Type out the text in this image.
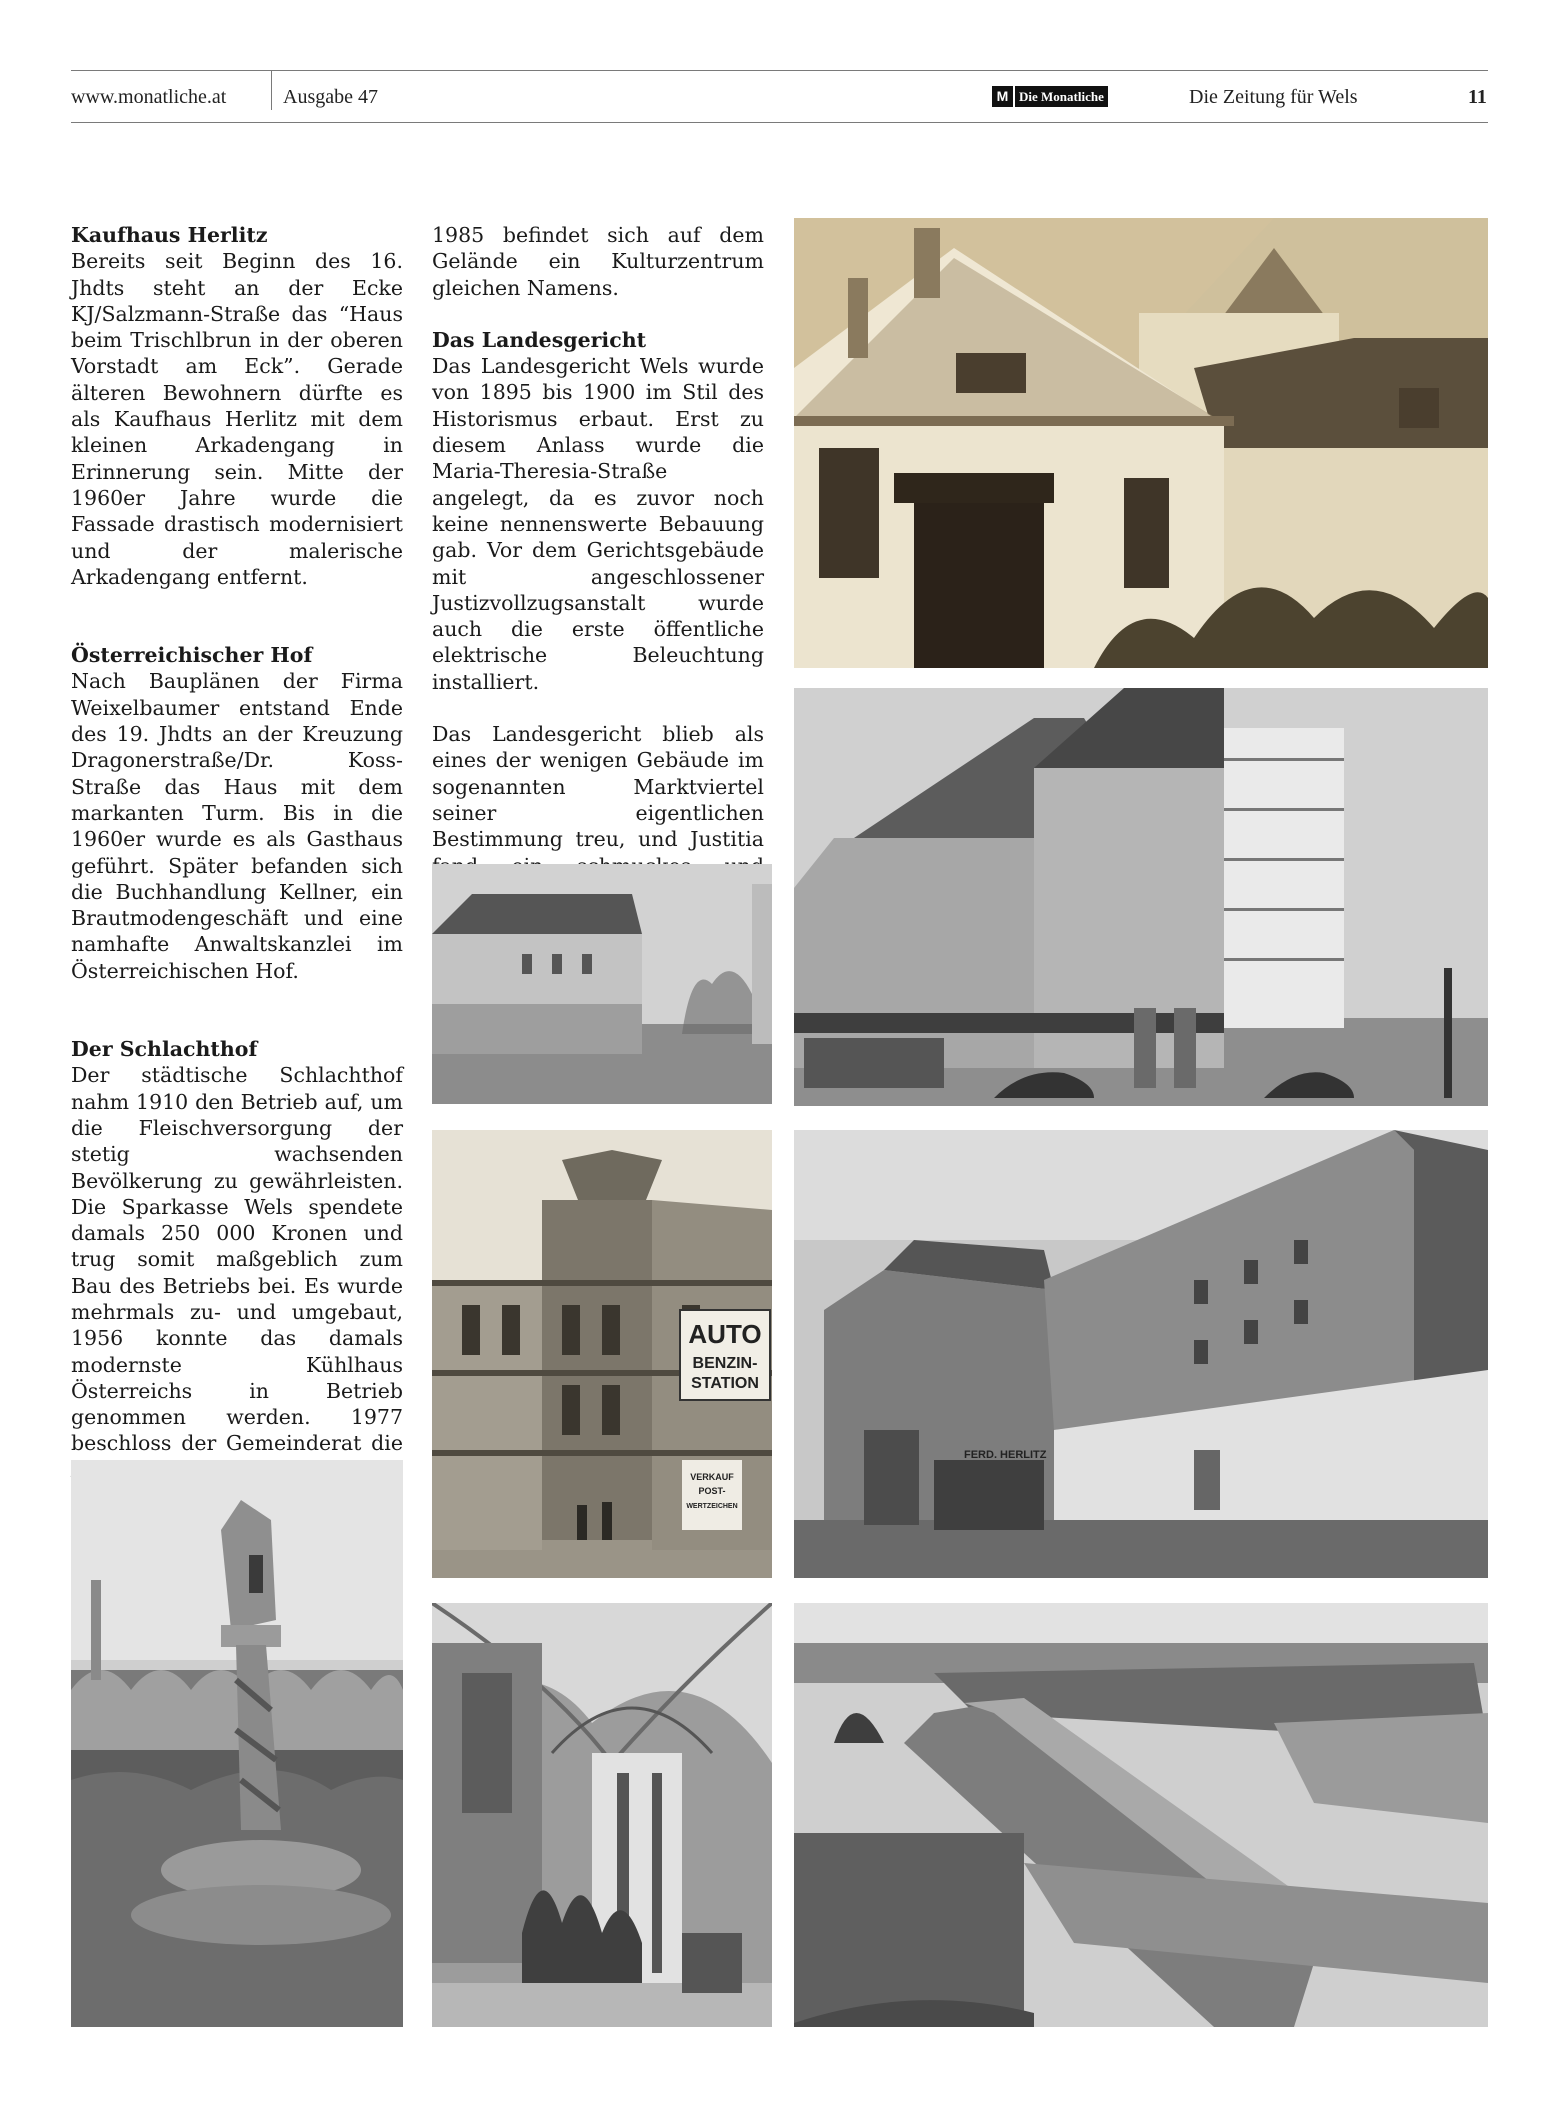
www.monatliche.at	Ausgabe 47	M Die Monatliche	Die Zeitung für Wels	11
Kaufhaus Herlitz

Bereits seit Beginn des 16. Jhdts steht an der Ecke KJ/Salzmann-Straße das “Haus beim Trischlbrun in der oberen Vorstadt am Eck”. Gerade älteren Bewohnern dürfte es als Kaufhaus Herlitz mit dem kleinen Arkadengang in Erinnerung sein. Mitte der 1960er Jahre wurde die Fassade drastisch modernisiert und der malerische Arkadengang entfernt.

Österreichischer Hof

Nach Bauplänen der Firma Weixelbaumer entstand Ende des 19. Jhdts an der Kreuzung Dragonerstraße/Dr. Koss-Straße das Haus mit dem markanten Turm. Bis in die 1960er wurde es als Gasthaus geführt. Später befanden sich die Buchhandlung Kellner, ein Brautmodengeschäft und eine namhafte Anwaltskanzlei im Österreichischen Hof.

Der Schlachthof

Der städtische Schlachthof nahm 1910 den Betrieb auf, um die Fleischversorgung der stetig wachsenden Bevölkerung zu gewährleisten. Die Sparkasse Wels spendete damals 250 000 Kronen und trug somit maßgeblich zum Bau des Betriebs bei. Es wurde mehrmals zu- und umgebaut, 1956 konnte das damals modernste Kühlhaus Österreichs in Betrieb genommen werden. 1977 beschloss der Gemeinderat die

1985 befindet sich auf dem Gelände ein Kulturzentrum gleichen Namens.

Das Landesgericht

Das Landesgericht Wels wurde von 1895 bis 1900 im Stil des Historismus erbaut. Erst zu diesem Anlass wurde die Maria-Theresia-Straße angelegt, da es zuvor noch keine nennenswerte Bebauung gab. Vor dem Gerichtsgebäude mit angeschlossener Justizvollzugsanstalt wurde auch die erste öffentliche elektrische Beleuchtung installiert.

Das Landesgericht blieb als eines der wenigen Gebäude im sogenannten Marktviertel seiner eigentlichen Bestimmung treu, und Justitia

AUTO
BENZIN-
STATION
VERKAUF
POST-
WERTZEICHEN
FERD. HERLITZ
